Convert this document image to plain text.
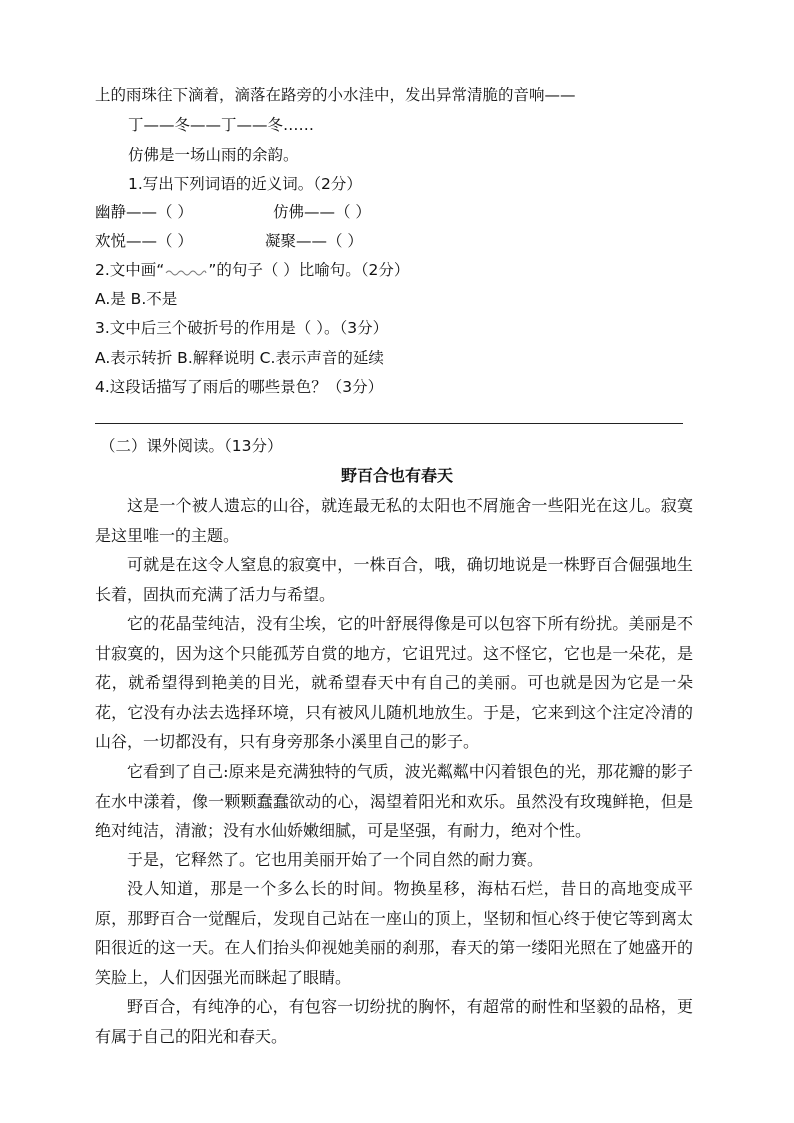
上的雨珠往下滴着，滴落在路旁的小水洼中，发出异常清脆的音响——
丁——冬——丁——冬……
仿佛是一场山雨的余韵。
1.写出下列词语的近义词。（2分）
幽静——（ ）	仿佛——（ ）
欢悦——（ ）	凝聚——（ ）
2.文中画“	”的句子（ ）比喻句。（2分）
A.是 B.不是
3.文中后三个破折号的作用是（ ）。（3分）
A.表示转折 B.解释说明 C.表示声音的延续
4.这段话描写了雨后的哪些景色？（3分）
（二）课外阅读。（13分）
野百合也有春天
这是一个被人遗忘的山谷，就连最无私的太阳也不屑施舍一些阳光在这儿。寂寞是这里唯一的主题。
可就是在这令人窒息的寂寞中，一株百合，哦，确切地说是一株野百合倔强地生长着，固执而充满了活力与希望。
它的花晶莹纯洁，没有尘埃，它的叶舒展得像是可以包容下所有纷扰。美丽是不甘寂寞的，因为这个只能孤芳自赏的地方，它诅咒过。这不怪它，它也是一朵花，是花，就希望得到艳美的目光，就希望春天中有自己的美丽。可也就是因为它是一朵花，它没有办法去选择环境，只有被风儿随机地放生。于是，它来到这个注定冷清的山谷，一切都没有，只有身旁那条小溪里自己的影子。
它看到了自己:原来是充满独特的气质，波光粼粼中闪着银色的光，那花瓣的影子在水中漾着，像一颗颗蠢蠢欲动的心，渴望着阳光和欢乐。虽然没有玫瑰鲜艳，但是绝对纯洁，清澈；没有水仙娇嫩细腻，可是坚强，有耐力，绝对个性。
于是，它释然了。它也用美丽开始了一个同自然的耐力赛。
没人知道，那是一个多么长的时间。物换星移，海枯石烂，昔日的高地变成平原，那野百合一觉醒后，发现自己站在一座山的顶上，坚韧和恒心终于使它等到离太阳很近的这一天。在人们抬头仰视她美丽的刹那，春天的第一缕阳光照在了她盛开的笑脸上，人们因强光而眯起了眼睛。
野百合，有纯净的心，有包容一切纷扰的胸怀，有超常的耐性和坚毅的品格，更有属于自己的阳光和春天。
